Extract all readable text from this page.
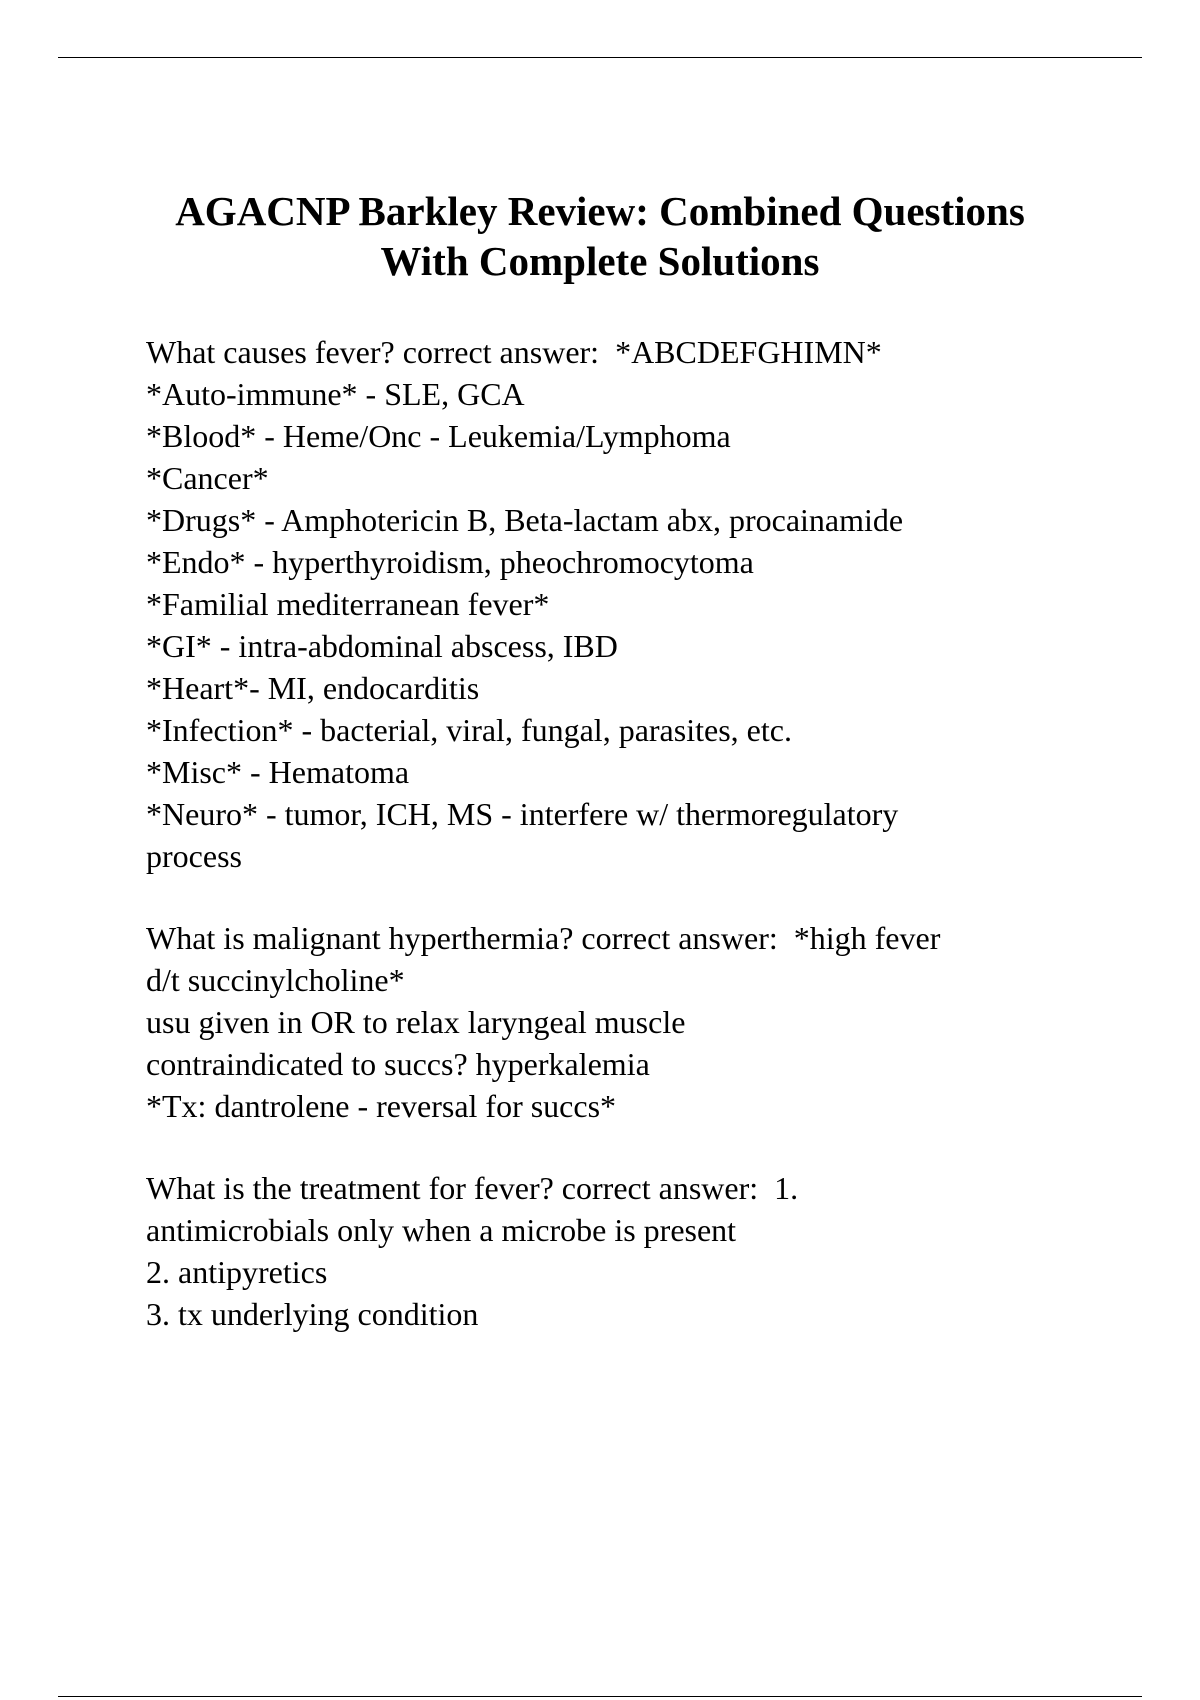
AGACNP Barkley Review: Combined Questions
With Complete Solutions
What causes fever? correct answer:  *ABCDEFGHIMN*
*Auto-immune* - SLE, GCA
*Blood* - Heme/Onc - Leukemia/Lymphoma
*Cancer*
*Drugs* - Amphotericin B, Beta-lactam abx, procainamide
*Endo* - hyperthyroidism, pheochromocytoma
*Familial mediterranean fever*
*GI* - intra-abdominal abscess, IBD
*Heart*- MI, endocarditis
*Infection* - bacterial, viral, fungal, parasites, etc.
*Misc* - Hematoma
*Neuro* - tumor, ICH, MS - interfere w/ thermoregulatory
process
What is malignant hyperthermia? correct answer:  *high fever
d/t succinylcholine*
usu given in OR to relax laryngeal muscle
contraindicated to succs? hyperkalemia
*Tx: dantrolene - reversal for succs*
What is the treatment for fever? correct answer:  1.
antimicrobials only when a microbe is present
2. antipyretics
3. tx underlying condition
